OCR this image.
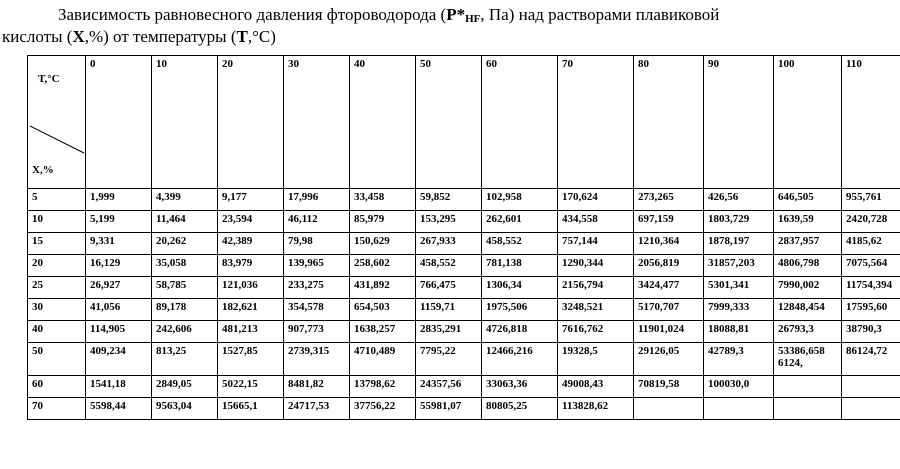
Зависимость равновесного давления фтороводорода (P*HF, Па) над растворами плавиковой
кислоты (X,%) от температуры (T,°С)
T,°C
X,%	0	10	20	30	40	50	60	70	80	90	100	110
5	1,999	4,399	9,177	17,996	33,458	59,852	102,958	170,624	273,265	426,56	646,505	955,761
10	5,199	11,464	23,594	46,112	85,979	153,295	262,601	434,558	697,159	1803,729	1639,59	2420,728
15	9,331	20,262	42,389	79,98	150,629	267,933	458,552	757,144	1210,364	1878,197	2837,957	4185,62
20	16,129	35,058	83,979	139,965	258,602	458,552	781,138	1290,344	2056,819	31857,203	4806,798	7075,564
25	26,927	58,785	121,036	233,275	431,892	766,475	1306,34	2156,794	3424,477	5301,341	7990,002	11754,394
30	41,056	89,178	182,621	354,578	654,503	1159,71	1975,506	3248,521	5170,707	7999,333	12848,454	17595,60
40	114,905	242,606	481,213	907,773	1638,257	2835,291	4726,818	7616,762	11901,024	18088,81	26793,3	38790,3
50	409,234	813,25	1527,85	2739,315	4710,489	7795,22	12466,216	19328,5	29126,05	42789,3	53386,658 6124,	86124,72
60	1541,18	2849,05	5022,15	8481,82	13798,62	24357,56	33063,36	49008,43	70819,58	100030,0		
70	5598,44	9563,04	15665,1	24717,53	37756,22	55981,07	80805,25	113828,62				
